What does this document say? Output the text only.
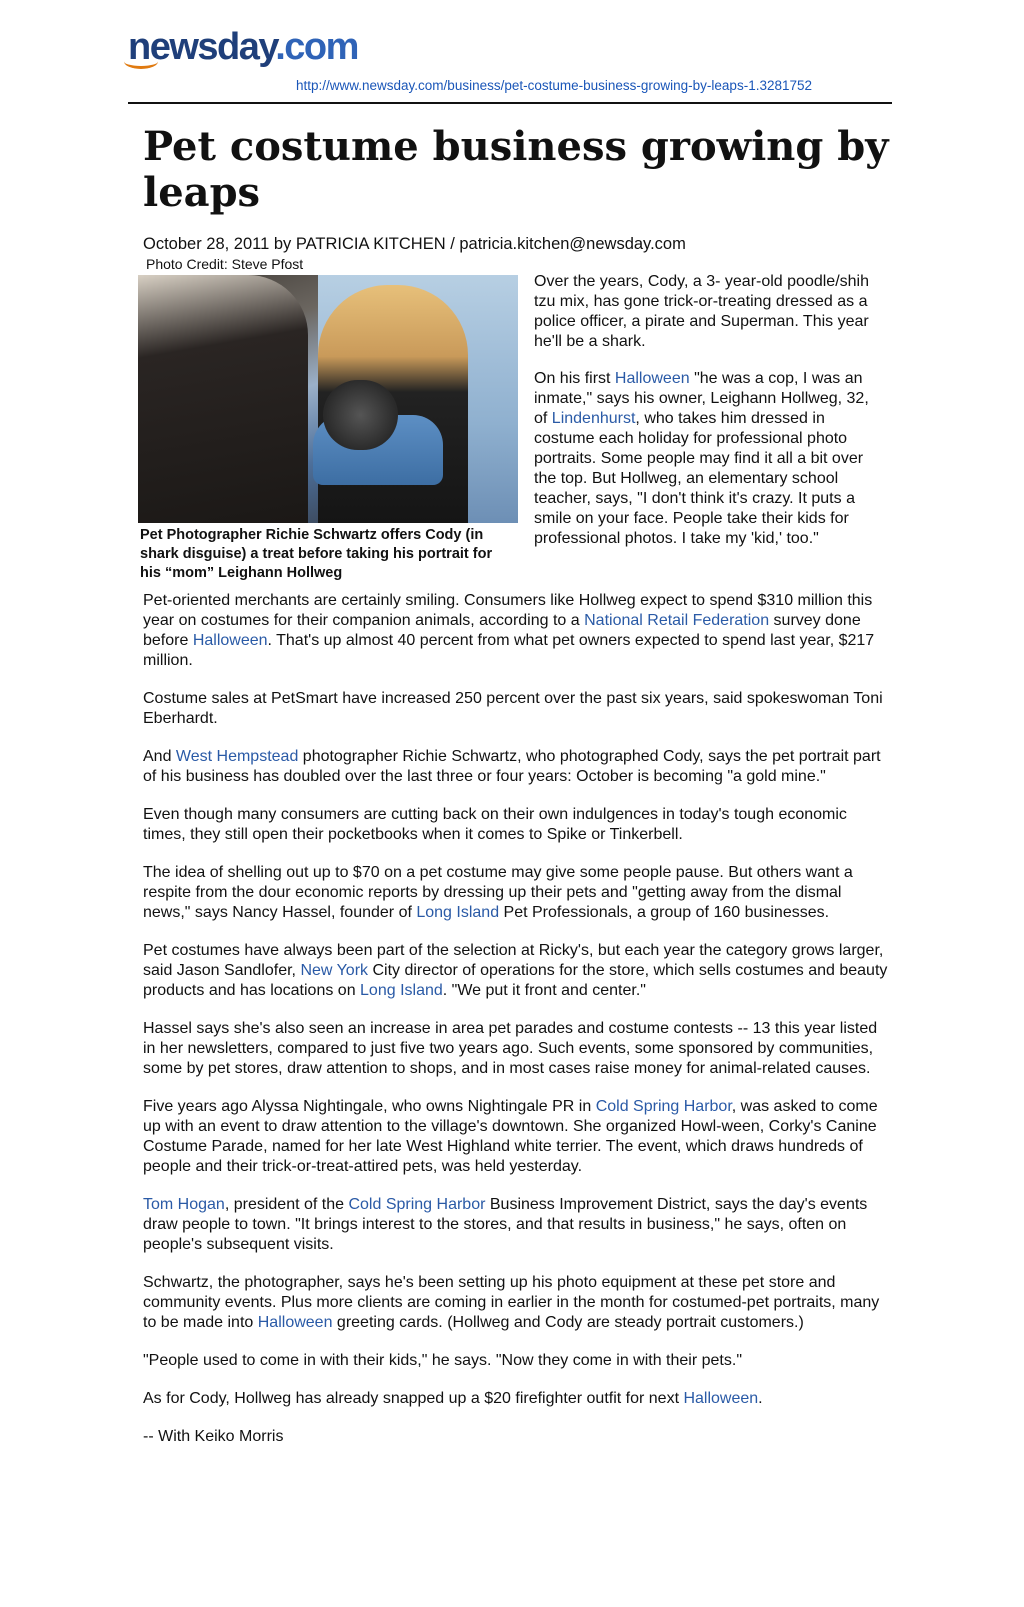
newsday.com
http://www.newsday.com/business/pet-costume-business-growing-by-leaps-1.3281752
Pet costume business growing by leaps
October 28, 2011 by PATRICIA KITCHEN / patricia.kitchen@newsday.com
Photo Credit: Steve Pfost

Pet Photographer Richie Schwartz offers Cody (in shark disguise) a treat before taking his portrait for his “mom” Leighann Hollweg

Over the years, Cody, a 3- year-old poodle/shih tzu mix, has gone trick-or-treating dressed as a police officer, a pirate and Superman. This year he'll be a shark.

On his first Halloween "he was a cop, I was an inmate," says his owner, Leighann Hollweg, 32, of Lindenhurst, who takes him dressed in costume each holiday for professional photo portraits. Some people may find it all a bit over the top. But Hollweg, an elementary school teacher, says, "I don't think it's crazy. It puts a smile on your face. People take their kids for professional photos. I take my 'kid,' too."

Pet-oriented merchants are certainly smiling. Consumers like Hollweg expect to spend $310 million this year on costumes for their companion animals, according to a National Retail Federation survey done before Halloween. That's up almost 40 percent from what pet owners expected to spend last year, $217 million.

Costume sales at PetSmart have increased 250 percent over the past six years, said spokeswoman Toni Eberhardt.

And West Hempstead photographer Richie Schwartz, who photographed Cody, says the pet portrait part of his business has doubled over the last three or four years: October is becoming "a gold mine."

Even though many consumers are cutting back on their own indulgences in today's tough economic times, they still open their pocketbooks when it comes to Spike or Tinkerbell.

The idea of shelling out up to $70 on a pet costume may give some people pause. But others want a respite from the dour economic reports by dressing up their pets and "getting away from the dismal news," says Nancy Hassel, founder of Long Island Pet Professionals, a group of 160 businesses.

Pet costumes have always been part of the selection at Ricky's, but each year the category grows larger, said Jason Sandlofer, New York City director of operations for the store, which sells costumes and beauty products and has locations on Long Island. "We put it front and center."

Hassel says she's also seen an increase in area pet parades and costume contests -- 13 this year listed in her newsletters, compared to just five two years ago. Such events, some sponsored by communities, some by pet stores, draw attention to shops, and in most cases raise money for animal-related causes.

Five years ago Alyssa Nightingale, who owns Nightingale PR in Cold Spring Harbor, was asked to come up with an event to draw attention to the village's downtown. She organized Howl-ween, Corky's Canine Costume Parade, named for her late West Highland white terrier. The event, which draws hundreds of people and their trick-or-treat-attired pets, was held yesterday.

Tom Hogan, president of the Cold Spring Harbor Business Improvement District, says the day's events draw people to town. "It brings interest to the stores, and that results in business," he says, often on people's subsequent visits.

Schwartz, the photographer, says he's been setting up his photo equipment at these pet store and community events. Plus more clients are coming in earlier in the month for costumed-pet portraits, many to be made into Halloween greeting cards. (Hollweg and Cody are steady portrait customers.)

"People used to come in with their kids," he says. "Now they come in with their pets."

As for Cody, Hollweg has already snapped up a $20 firefighter outfit for next Halloween.

-- With Keiko Morris
